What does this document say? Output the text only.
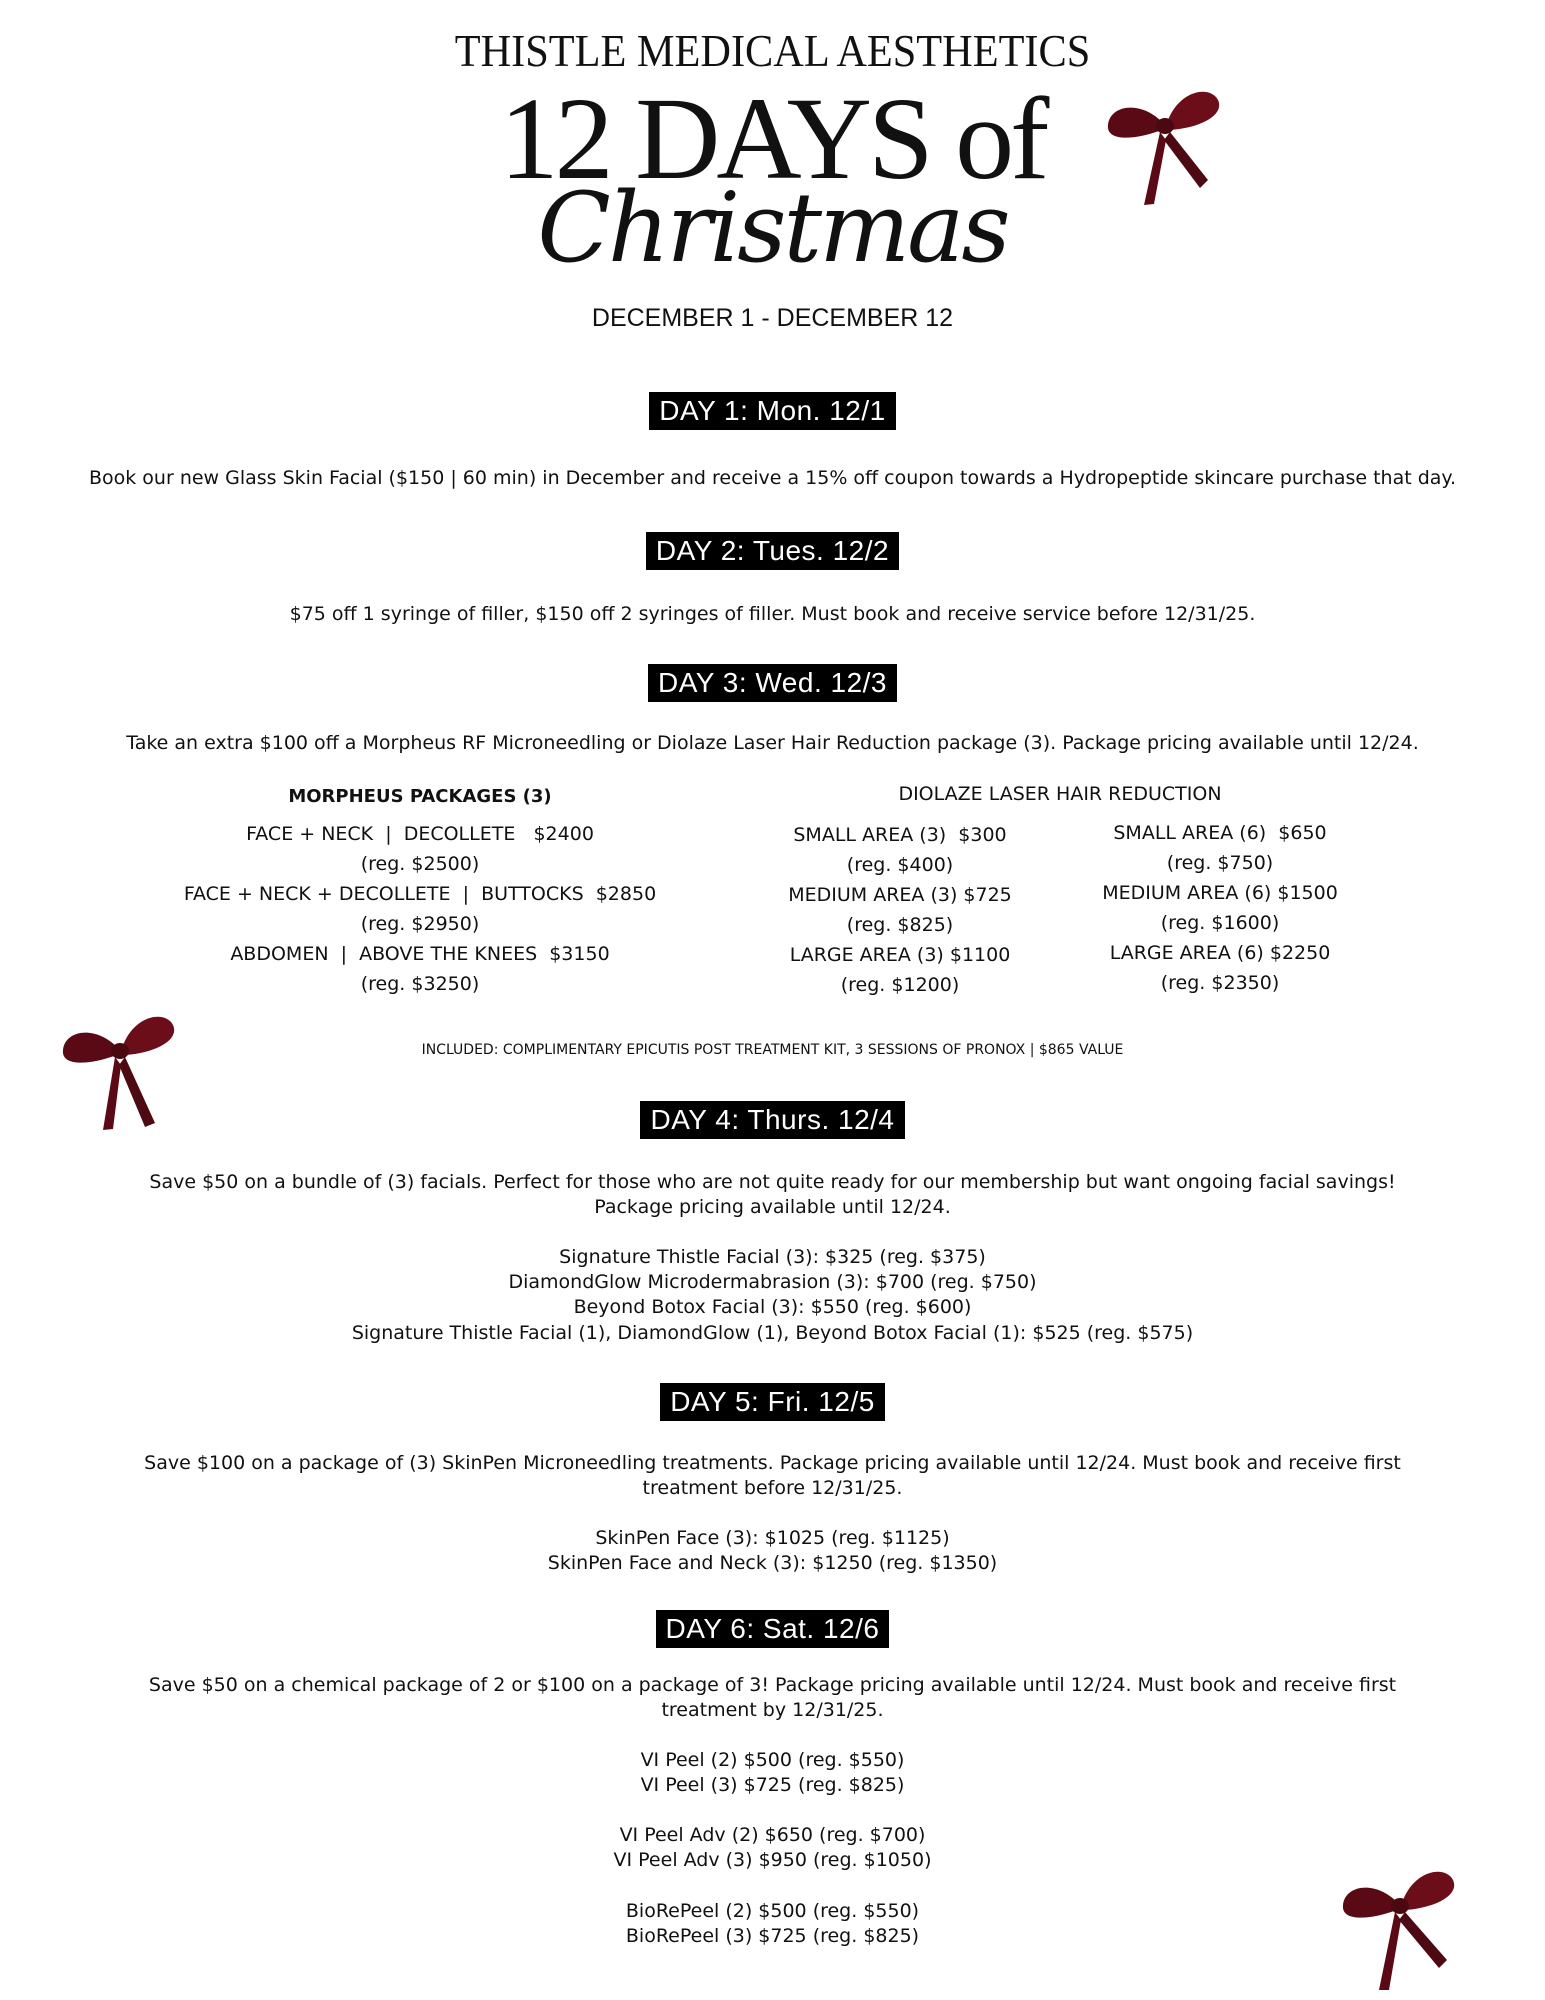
THISTLE MEDICAL AESTHETICS
12 DAYS of
Christmas
DECEMBER 1 - DECEMBER 12
DAY 1: Mon. 12/1
Book our new Glass Skin Facial ($150 | 60 min) in December and receive a 15% off coupon towards a Hydropeptide skincare purchase that day.
DAY 2: Tues. 12/2
$75 off 1 syringe of filler, $150 off 2 syringes of filler. Must book and receive service before 12/31/25.
DAY 3: Wed. 12/3
Take an extra $100 off a Morpheus RF Microneedling or Diolaze Laser Hair Reduction package (3). Package pricing available until 12/24.
MORPHEUS PACKAGES (3)
FACE + NECK  |  DECOLLETE   $2400
(reg. $2500)
FACE + NECK + DECOLLETE  |  BUTTOCKS  $2850
(reg. $2950)
ABDOMEN  |  ABOVE THE KNEES  $3150
(reg. $3250)
DIOLAZE LASER HAIR REDUCTION
SMALL AREA (3)  $300
(reg. $400)
MEDIUM AREA (3) $725
(reg. $825)
LARGE AREA (3) $1100
(reg. $1200)
SMALL AREA (6)  $650
(reg. $750)
MEDIUM AREA (6) $1500
(reg. $1600)
LARGE AREA (6) $2250
(reg. $2350)
INCLUDED: COMPLIMENTARY EPICUTIS POST TREATMENT KIT, 3 SESSIONS OF PRONOX | $865 VALUE
DAY 4: Thurs. 12/4
Save $50 on a bundle of (3) facials. Perfect for those who are not quite ready for our membership but want ongoing facial savings!
Package pricing available until 12/24.
Signature Thistle Facial (3): $325 (reg. $375)
DiamondGlow Microdermabrasion (3): $700 (reg. $750)
Beyond Botox Facial (3): $550 (reg. $600)
Signature Thistle Facial (1), DiamondGlow (1), Beyond Botox Facial (1): $525 (reg. $575)
DAY 5: Fri. 12/5
Save $100 on a package of (3) SkinPen Microneedling treatments. Package pricing available until 12/24. Must book and receive first
treatment before 12/31/25.
SkinPen Face (3): $1025 (reg. $1125)
SkinPen Face and Neck (3): $1250 (reg. $1350)
DAY 6: Sat. 12/6
Save $50 on a chemical package of 2 or $100 on a package of 3! Package pricing available until 12/24. Must book and receive first
treatment by 12/31/25.
VI Peel (2) $500 (reg. $550)
VI Peel (3) $725 (reg. $825)
VI Peel Adv (2) $650 (reg. $700)
VI Peel Adv (3) $950 (reg. $1050)
BioRePeel (2) $500 (reg. $550)
BioRePeel (3) $725 (reg. $825)
